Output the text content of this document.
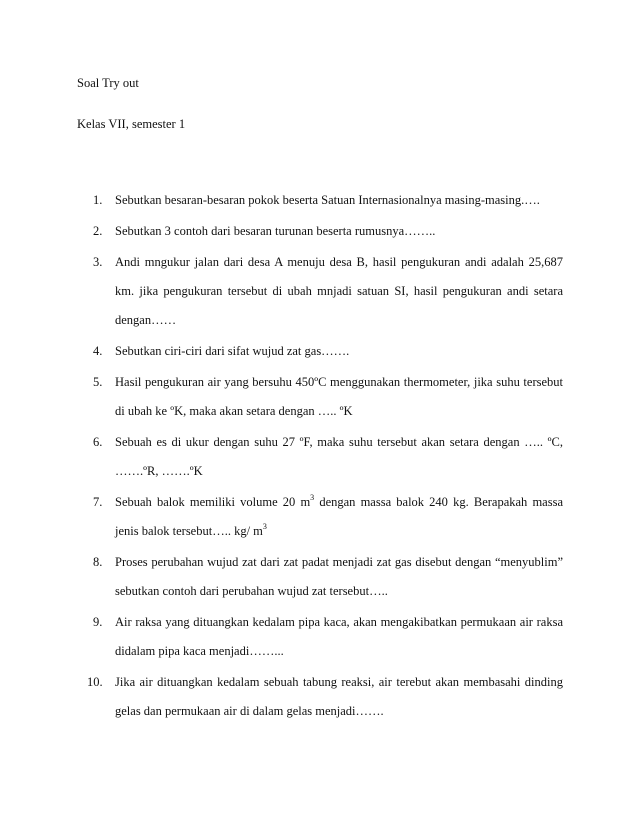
Soal Try out

Kelas VII, semester 1

1.	Sebutkan besaran-besaran pokok beserta Satuan Internasionalnya masing-masing.….
2.	Sebutkan 3 contoh dari besaran turunan beserta rumusnya……..
3.	Andi mngukur jalan dari desa A menuju desa B, hasil pengukuran andi adalah 25,687 km. jika pengukuran tersebut di ubah mnjadi satuan SI, hasil pengukuran andi setara dengan……
4.	Sebutkan ciri-ciri dari sifat wujud zat gas…….
5.	Hasil pengukuran air yang bersuhu 450ºC menggunakan thermometer, jika suhu tersebut di ubah ke ºK, maka akan setara dengan ….. ºK
6.	Sebuah es di ukur dengan suhu 27 ºF, maka suhu tersebut akan setara dengan ….. ºC, …….ºR, …….ºK
7.	Sebuah balok memiliki volume 20 $m^3$ dengan massa balok 240 kg. Berapakah massa jenis balok tersebut….. kg/ $m^3$
8.	Proses perubahan wujud zat dari zat padat menjadi zat gas disebut dengan “menyublim” sebutkan contoh dari perubahan wujud zat tersebut…..
9.	Air raksa yang dituangkan kedalam pipa kaca, akan mengakibatkan permukaan air raksa didalam pipa kaca menjadi……...
10. Jika air dituangkan kedalam sebuah tabung reaksi, air terebut akan membasahi dinding gelas dan permukaan air di dalam gelas menjadi…….
